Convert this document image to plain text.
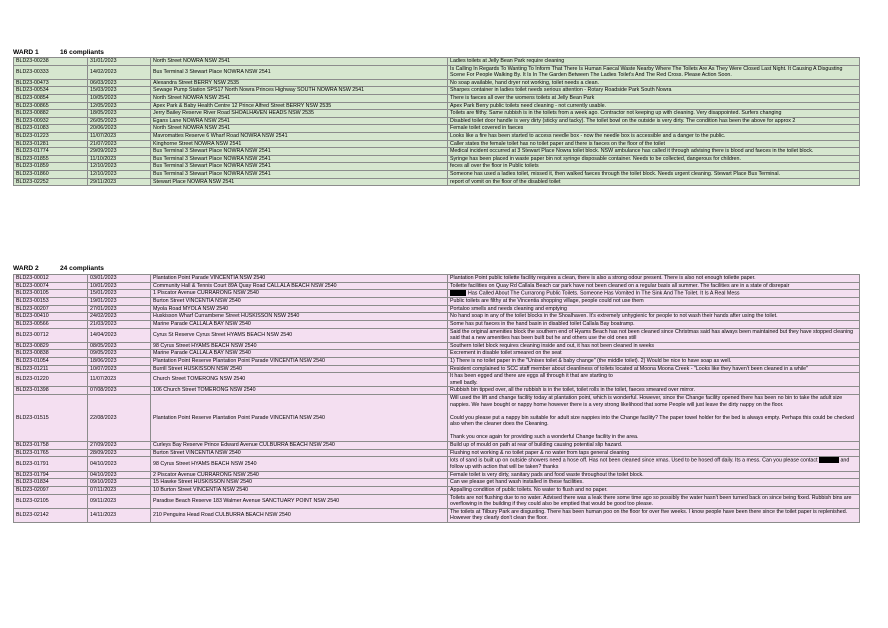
WARD 1	16 compliants
BLD23-00238	31/01/2023	North Street NOWRA NSW 2541	Ladies toilets at Jelly Bean Park require cleaning
BLD23-00333	14/02/2023	Bus Terminal 3 Stewart Place NOWRA NSW 2541	Is Calling In Regards To Wanting To Inform That There Is Human Faecal Waste Nearby Where The Toilets Are As They Were Closed Last Night. It Causing A Disgusting Scene For People Walking By. It Is In The Garden Between The Ladies Toilet's And The Red Cross. Please Action Soon.
BLD23-00473	06/03/2023	Alexandra Street BERRY NSW 2535	No soap available, hand dryer not working, toilet needs a clean.
BLD23-00534	15/03/2023	Sewage Pump Station SPS17 North Nowra Princes Highway SOUTH NOWRA NSW 2541	Sharpes container in ladies toilet needs serious attention - Rotary Roadside Park South Nowra
BLD23-00854	10/05/2023	North Street NOWRA NSW 2541	There is faeces all over the womens toilets at Jelly Bean Park
BLD23-00865	12/05/2023	Apex Park & Baby Health Centre 12 Prince Alfred Street BERRY NSW 2535	Apex Park Berry public toilets need cleaning - not currently usable.
BLD23-00882	18/05/2023	Jerry Bailey Reserve River Road SHOALHAVEN HEADS NSW 2535	Toilets are filthy. Same rubbish is in the toilets from a week ago. Contractor not keeping up with cleaning. Very disappointed. Surfers changing
BLD23-00932	26/05/2023	Egans Lane NOWRA NSW 2541	Disabled toilet door handle is very dirty (sticky and tacky). The toilet bowl on the outside is very dirty. The condition has been the above for approx 2
BLD23-01083	20/06/2023	North Street NOWRA NSW 2541	Female toilet covered in faeces
BLD23-01223	11/07/2023	Mavromattes Reserve 6 Wharf Road NOWRA NSW 2541	Looks like a fire has been started to access needle box - now the needle box is accessible and a danger to the public.
BLD23-01281	21/07/2023	Kinghorne Street NOWRA NSW 2541	Caller states the female toilet has no toilet paper and there is faeces on the floor of the toilet
BLD23-01774	29/09/2023	Bus Terminal 3 Stewart Place NOWRA NSW 2541	Medical incident occurred at 3 Stewart Place Nowra toilet block. NSW ambulance has called it through advising there is blood and faeces in the toilet block.
BLD23-01855	11/10/2023	Bus Terminal 3 Stewart Place NOWRA NSW 2541	Syringe has been placed in waste paper bin not syringe disposable container. Needs to be collected, dangerous for children.

BLD23-01859	12/10/2023	Bus Terminal 3 Stewart Place NOWRA NSW 2541	feces all over the floor in Public toilets
BLD23-01860	12/10/2023	Bus Terminal 3 Stewart Place NOWRA NSW 2541	Someone has used a ladies toilet, missed it, then walked faeces through the toilet block. Needs urgent cleaning. Stewart Place Bus Terminal.

BLD23-02252	29/11/2023	Stewart Place NOWRA NSW 2541	report of vomit on the floor of the disabled toilet
WARD 2	24 compliants
BLD23-00012	03/01/2023	Plantation Point Parade VINCENTIA NSW 2540	Plantation Point public toilette facility requires a clean, there is also a strong odour present. There is also not enough toilette paper.
BLD23-00074	10/01/2023	Community Hall & Tennis Court 89A Quay Road CALLALA BEACH NSW 2540	Toilette facilities on Quay Rd Callala Beach car park have not been cleaned on a regular basis all summer. The facilities are in a state of disrepair
BLD23-00105	15/01/2023	1 Piscator Avenue CURRARONG NSW 2540	Has Called About The Currarong Public Toilets. Someone Has Vomited In The Sink And The Toilet. It Is A Real Mess
BLD23-00153	19/01/2023	Burton Street VINCENTIA NSW 2540	Public toilets are filthy at the Vincentia shopping village, people could not use them
BLD23-00207	27/01/2023	Myola Road MYOLA NSW 2540	Portaloo smells and needs cleaning and emptying
BLD23-00410	24/02/2023	Huskisson Wharf Currambene Street HUSKISSON NSW 2540	No hand soap in any of the toilet blocks in the Shoalhaven. It's extremely unhygienic for people to not wash their hands after using the toilet.
BLD23-00566	21/03/2023	Marine Parade CALLALA BAY NSW 2540	Some has put faeces in the hand basin in disabled toilet Callala Bay boatramp.
BLD23-00712	14/04/2023	Cyrus St Reserve Cyrus Street HYAMS BEACH NSW 2540	Said the original amenities block the southern end of Hyams Beach has not been cleaned since Christmas said has always been maintained but they have stopped cleaning said that a new amenities has been built but he and others use the old ones still
BLD23-00829	08/05/2023	98 Cyrus Street HYAMS BEACH NSW 2540	Southern toilet block requires cleaning inside and out, it has not been cleaned in weeks
BLD23-00838	09/05/2023	Marine Parade CALLALA BAY NSW 2540	Excrement in disable toilet smeared on the seat
BLD23-01054	18/06/2023	Plantation Point Reserve Plantation Point Parade VINCENTIA NSW 2540	1) There is no toilet paper in the "Unisex toilet & baby change" (the middle toilet). 2) Would be nice to have soap as well.
BLD23-01211	10/07/2023	Burrill Street HUSKISSON NSW 2540	Resident complained to SCC staff member about cleanliness of toilets located at Moona Moona Creek - "Looks like they haven't been cleaned in a while"
BLD23-01220	11/07/2023	Church Street TOMERONG NSW 2540	It has been egged and there are eggs all through it that are starting to
smell badly.
BLD23-01398	07/08/2023	106 Church Street TOMERONG NSW 2540	Rubbish bin tipped over, all the rubbish is in the toilet, toilet rolls in the toilet, faeces smeared over mirror.
BLD23-01515	22/08/2023	Plantation Point Reserve Plantation Point Parade VINCENTIA NSW 2540	Will used the lift and change facility today at plantation point, which is wonderful. However, since the Change facility opened there has been no bin to take the adult size nappies. We have bought or nappy home however there is a very strong likelihood that some People will just leave the dirty nappy on the floor.

Could you please put a nappy bin suitable for adult size nappies into the Change facility? The paper towel holder for the bed is always empty. Perhaps this could be checked also when the cleaner does the Ckeaning.

Thank you once again for providing such a wonderful Change facility in the area.
BLD23-01758	27/09/2023	Curleys Bay Reserve Prince Edward Avenue CULBURRA BEACH NSW 2540	Build up of mould on path at rear of building causing potential slip hazard.
BLD23-01765	28/09/2023	Burton Street VINCENTIA NSW 2540	Flushing not working & no toilet paper & no water from taps general cleaning
BLD23-01791	04/10/2023	98 Cyrus Street HYAMS BEACH NSW 2540	lots of sand is built up on outside showers need a hose off. Has not been cleaned since xmas. Used to be hosed off daily. Its a mess. Can you please contact and follow up with action that will be taken? thanks
BLD23-01794	04/10/2023	2 Piscator Avenue CURRARONG NSW 2540	Female toilet is very dirty, sanitary pads and food waste throughout the toilet block.
BLD23-01834	09/10/2023	15 Hawke Street HUSKISSON NSW 2540	Can we please get hand wash installed in these facilities.
BLD23-02097	07/11/2023	10 Burton Street VINCENTIA NSW 2540	Appalling condition of public toilets. No water to flush and no paper.
BLD23-02105	09/11/2023	Paradise Beach Reserve 183 Walmer Avenue SANCTUARY POINT NSW 2540	Toilets are not flushing due to no water. Advised there was a leak there some time ago so possibly the water hasn't been turned back on since being fixed. Rubbish bins are overflowing in the building if they could also be emptied that would be good too please.
BLD23-02142	14/11/2023	210 Penguins Head Road CULBURRA BEACH NSW 2540	The toilets at Tilbury Park are disgusting. There has been human poo on the floor for over five weeks. I know people have been there since the toilet paper is replenished. However they clearly don't clean the floor.
